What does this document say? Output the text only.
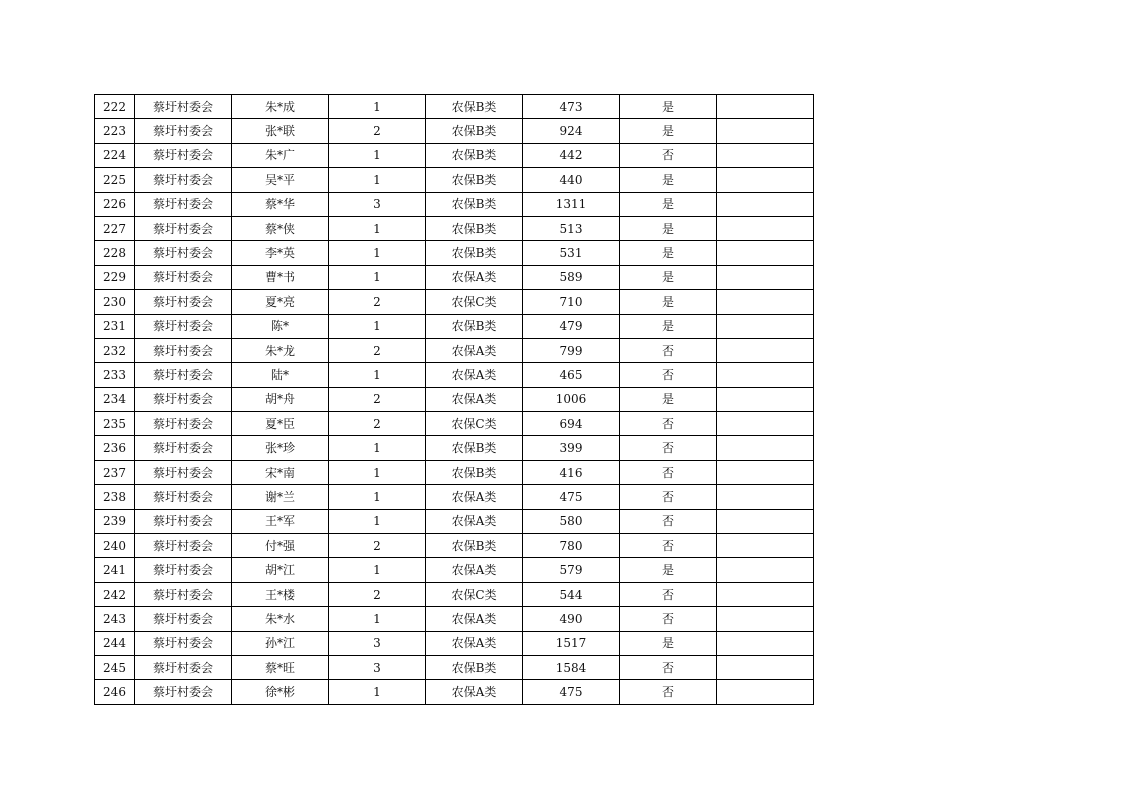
222	蔡圩村委会	朱*成	1	农保B类	473	是	
223	蔡圩村委会	张*联	2	农保B类	924	是	
224	蔡圩村委会	朱*广	1	农保B类	442	否	
225	蔡圩村委会	吴*平	1	农保B类	440	是	
226	蔡圩村委会	蔡*华	3	农保B类	1311	是	
227	蔡圩村委会	蔡*侠	1	农保B类	513	是	
228	蔡圩村委会	李*英	1	农保B类	531	是	
229	蔡圩村委会	曹*书	1	农保A类	589	是	
230	蔡圩村委会	夏*亮	2	农保C类	710	是	
231	蔡圩村委会	陈*	1	农保B类	479	是	
232	蔡圩村委会	朱*龙	2	农保A类	799	否	
233	蔡圩村委会	陆*	1	农保A类	465	否	
234	蔡圩村委会	胡*舟	2	农保A类	1006	是	
235	蔡圩村委会	夏*臣	2	农保C类	694	否	
236	蔡圩村委会	张*珍	1	农保B类	399	否	
237	蔡圩村委会	宋*南	1	农保B类	416	否	
238	蔡圩村委会	谢*兰	1	农保A类	475	否	
239	蔡圩村委会	王*军	1	农保A类	580	否	
240	蔡圩村委会	付*强	2	农保B类	780	否	
241	蔡圩村委会	胡*江	1	农保A类	579	是	
242	蔡圩村委会	王*楼	2	农保C类	544	否	
243	蔡圩村委会	朱*水	1	农保A类	490	否	
244	蔡圩村委会	孙*江	3	农保A类	1517	是	
245	蔡圩村委会	蔡*旺	3	农保B类	1584	否	
246	蔡圩村委会	徐*彬	1	农保A类	475	否	
